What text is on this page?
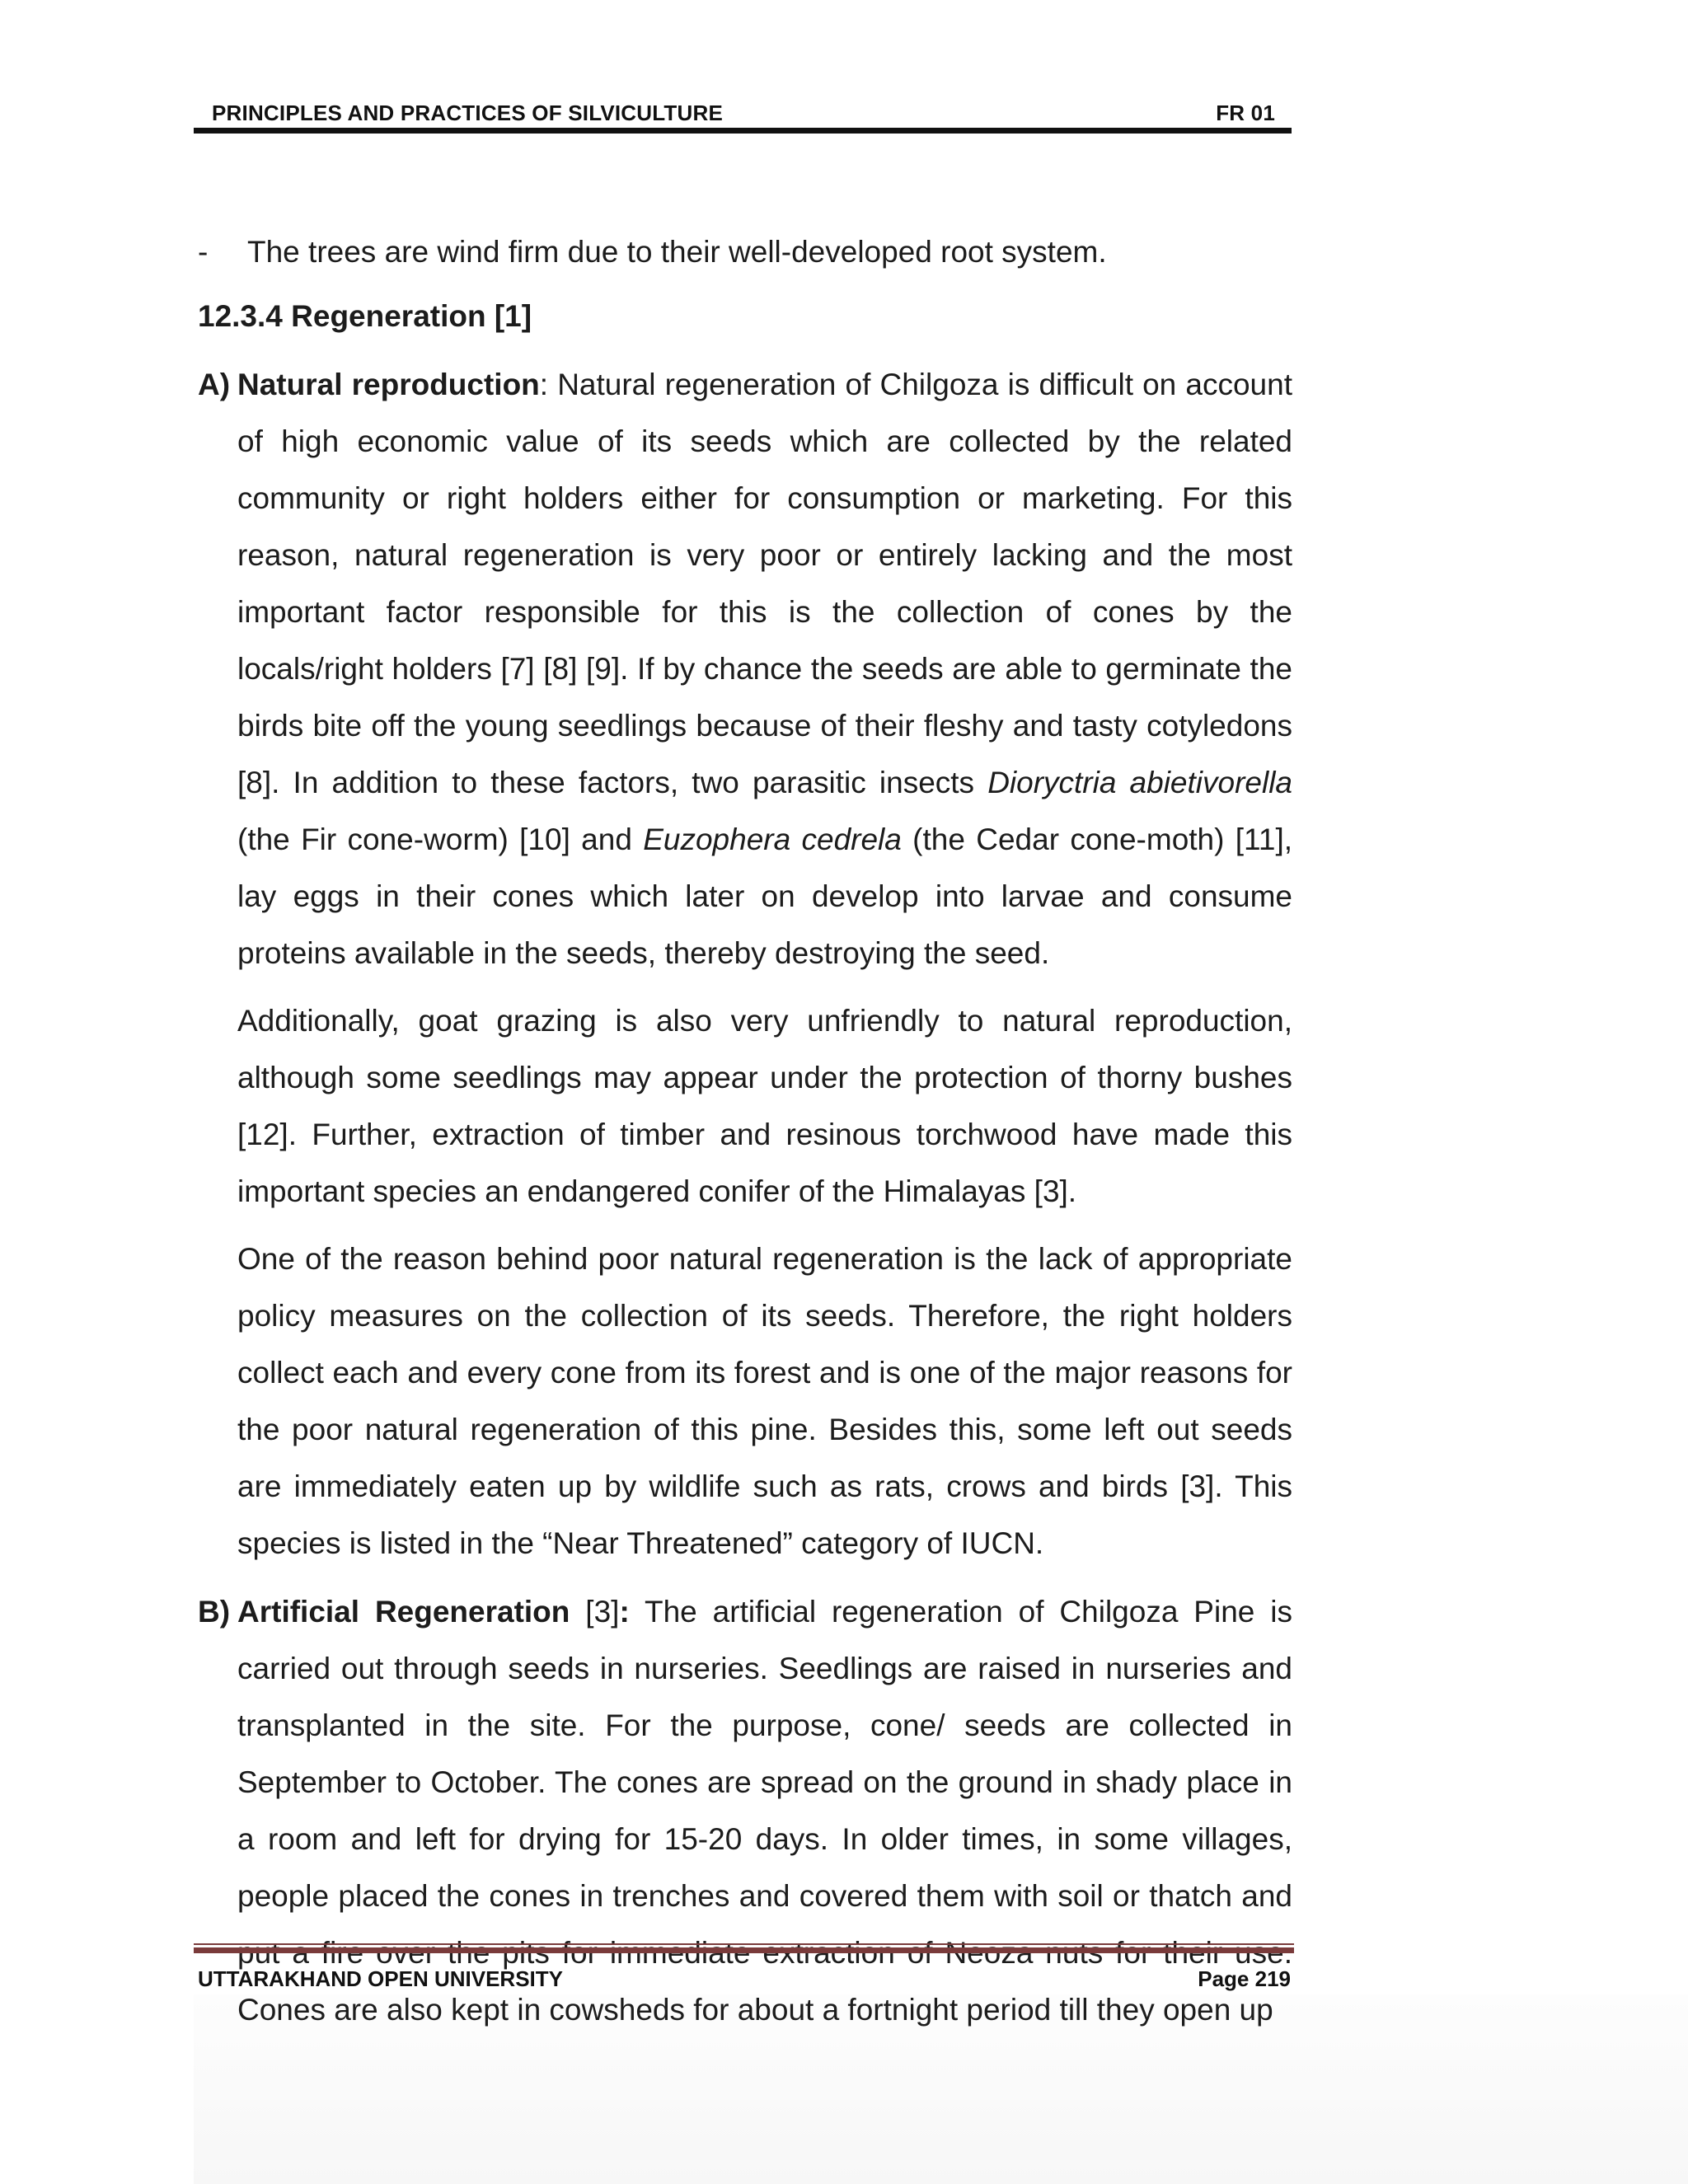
PRINCIPLES AND PRACTICES OF SILVICULTURE	FR 01
- The trees are wind firm due to their well-developed root system.
12.3.4 Regeneration [1]
A) Natural reproduction: Natural regeneration of Chilgoza is difficult on account of high economic value of its seeds which are collected by the related community or right holders either for consumption or marketing. For this reason, natural regeneration is very poor or entirely lacking and the most important factor responsible for this is the collection of cones by the locals/right holders [7] [8] [9]. If by chance the seeds are able to germinate the birds bite off the young seedlings because of their fleshy and tasty cotyledons [8]. In addition to these factors, two parasitic insects Dioryctria abietivorella (the Fir cone-worm) [10] and Euzophera cedrela (the Cedar cone-moth) [11], lay eggs in their cones which later on develop into larvae and consume proteins available in the seeds, thereby destroying the seed.

Additionally, goat grazing is also very unfriendly to natural reproduction, although some seedlings may appear under the protection of thorny bushes [12]. Further, extraction of timber and resinous torchwood have made this important species an endangered conifer of the Himalayas [3].

One of the reason behind poor natural regeneration is the lack of appropriate policy measures on the collection of its seeds. Therefore, the right holders collect each and every cone from its forest and is one of the major reasons for the poor natural regeneration of this pine. Besides this, some left out seeds are immediately eaten up by wildlife such as rats, crows and birds [3]. This species is listed in the “Near Threatened” category of IUCN.

B) Artificial Regeneration [3]: The artificial regeneration of Chilgoza Pine is carried out through seeds in nurseries. Seedlings are raised in nurseries and transplanted in the site. For the purpose, cone/ seeds are collected in September to October. The cones are spread on the ground in shady place in a room and left for drying for 15-20 days. In older times, in some villages, people placed the cones in trenches and covered them with soil or thatch and Cones are also kept in cowsheds for about a fortnight period till they open up

UTTARAKHAND OPEN UNIVERSITY	Page 219
